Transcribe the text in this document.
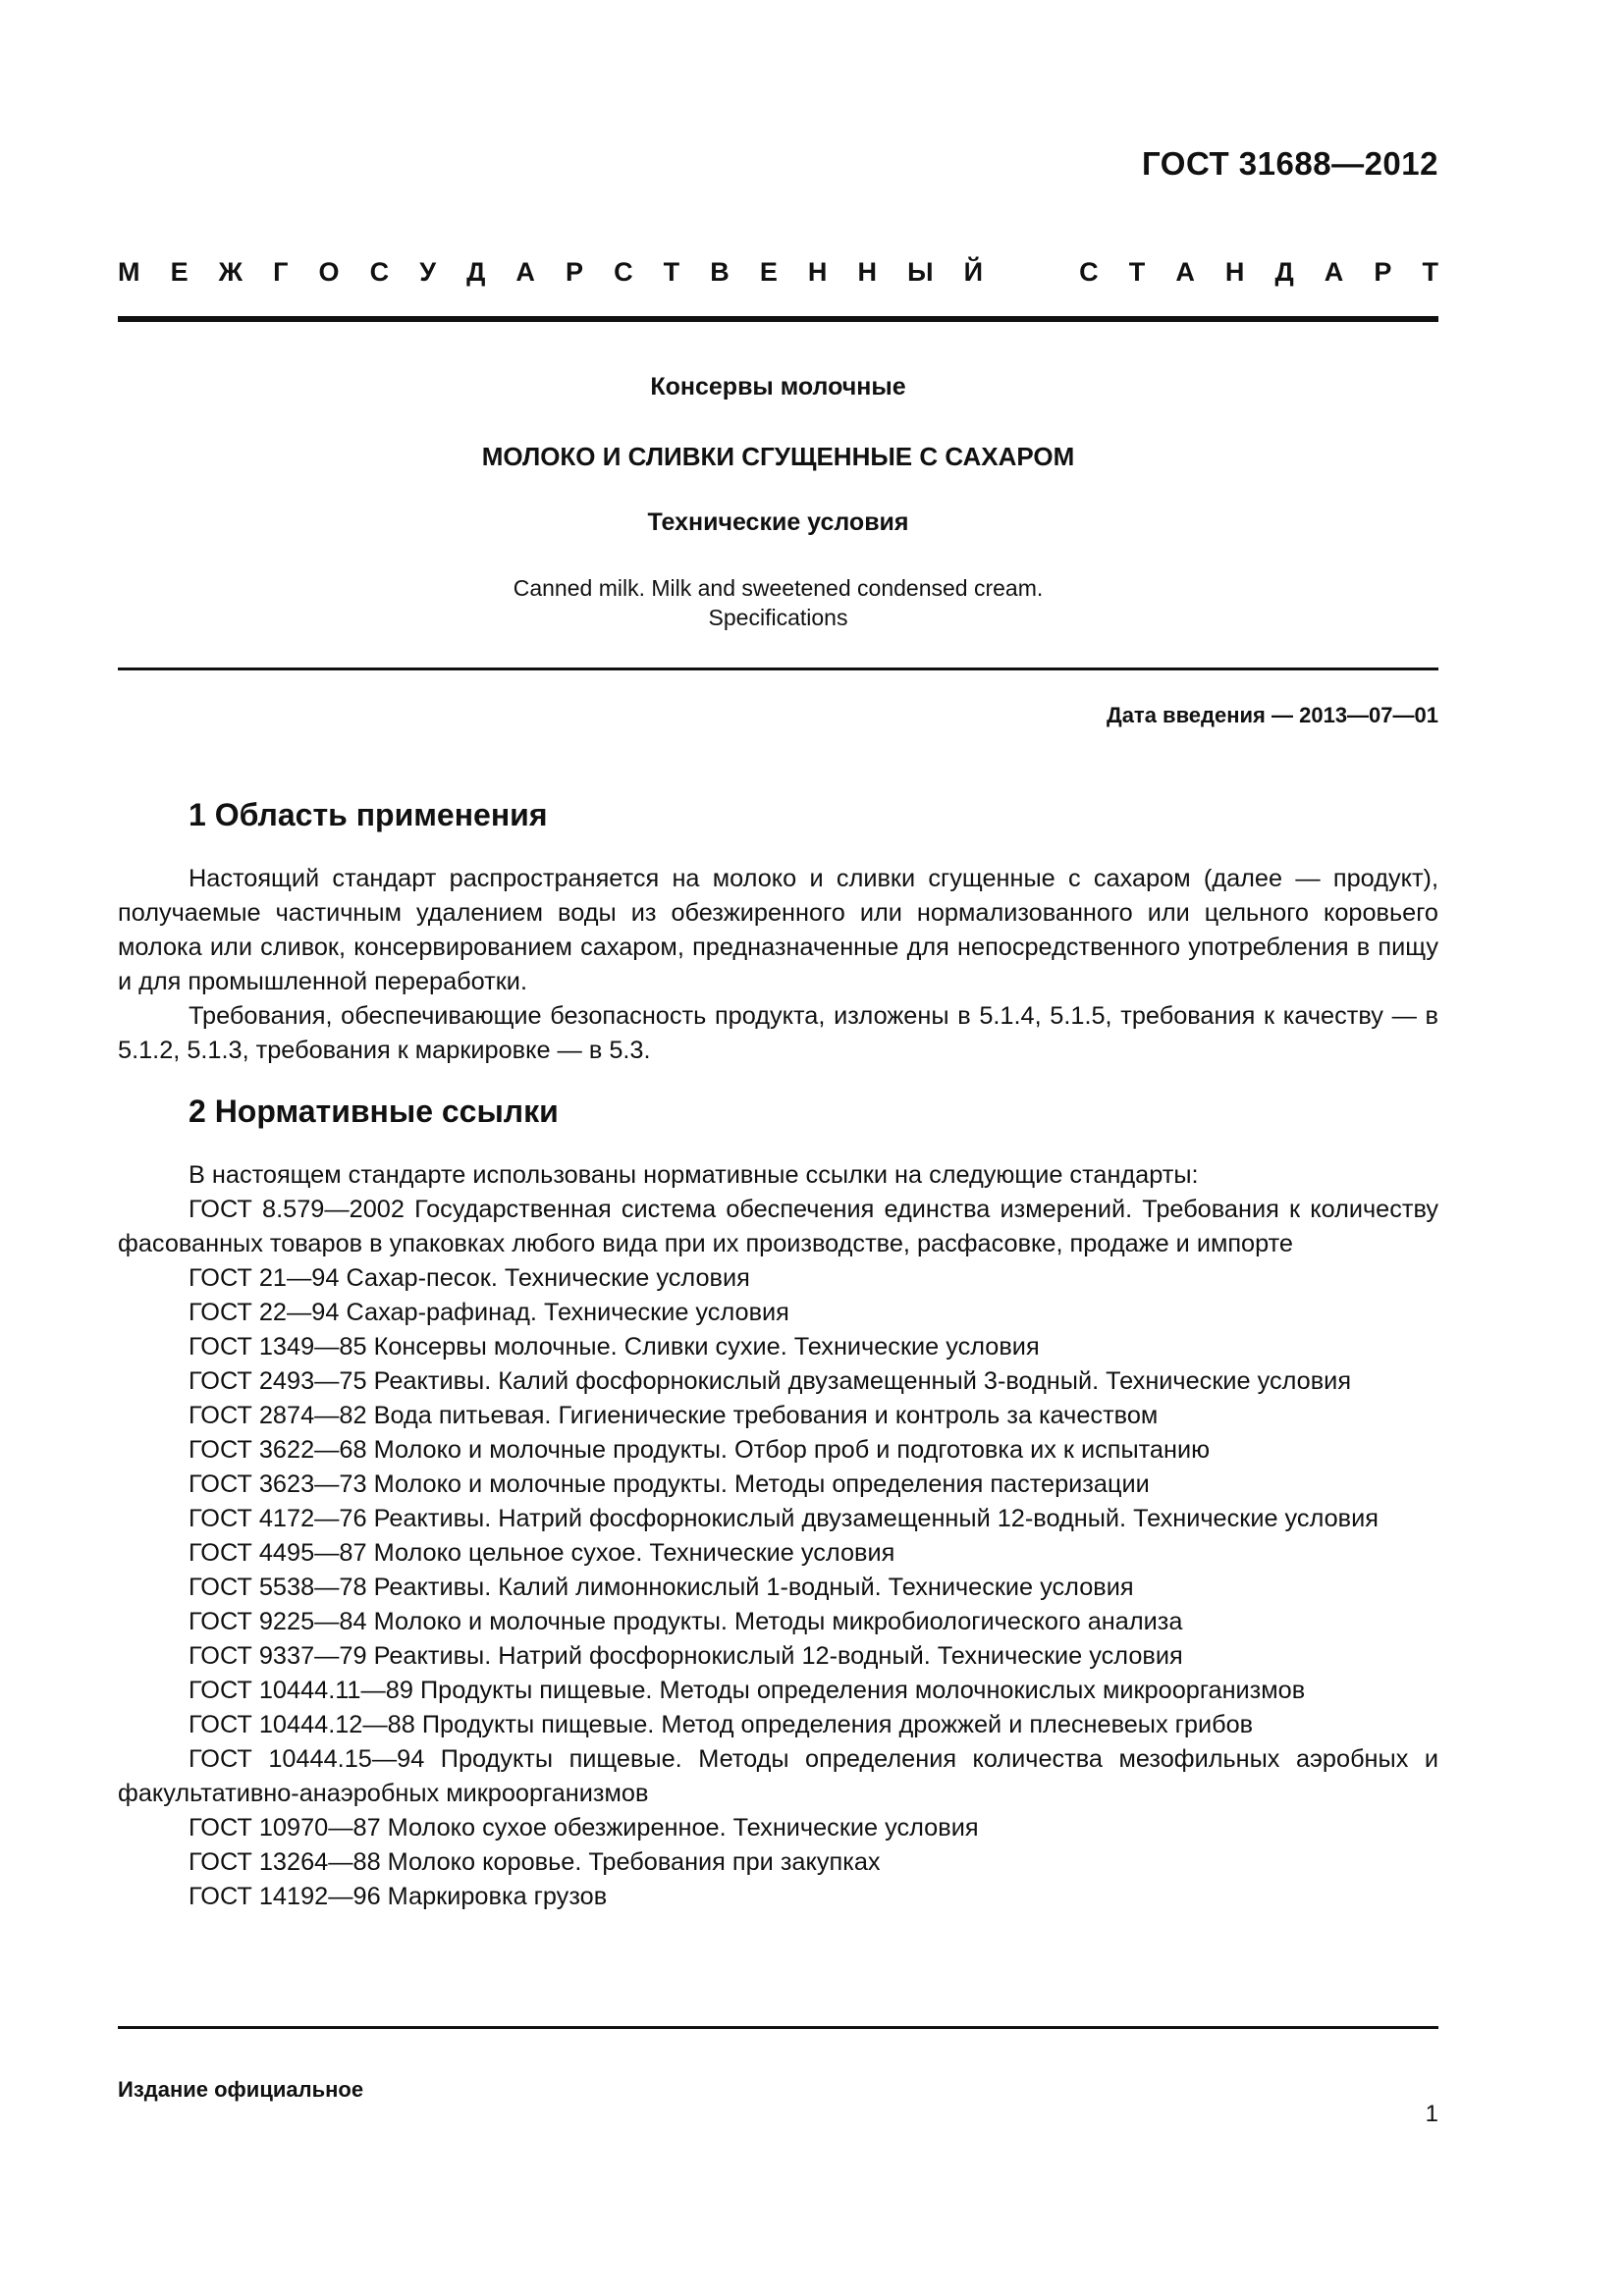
ГОСТ 31688—2012
М Е Ж Г О С У Д А Р С Т В Е Н Н Ы Й	С Т А Н Д А Р Т
Консервы молочные
МОЛОКО И СЛИВКИ СГУЩЕННЫЕ С САХАРОМ
Технические условия
Canned milk. Milk and sweetened condensed cream.
Specifications
Дата введения — 2013—07—01
1 Область применения

Настоящий стандарт распространяется на молоко и сливки сгущенные с сахаром (далее — продукт), получаемые частичным удалением воды из обезжиренного или нормализованного или цельного коровьего молока или сливок, консервированием сахаром, предназначенные для непосредственного употребления в пищу и для промышленной переработки.

Требования, обеспечивающие безопасность продукта, изложены в 5.1.4, 5.1.5, требования к качеству — в 5.1.2, 5.1.3, требования к маркировке — в 5.3.

2 Нормативные ссылки

В настоящем стандарте использованы нормативные ссылки на следующие стандарты:

ГОСТ 8.579—2002 Государственная система обеспечения единства измерений. Требования к количеству фасованных товаров в упаковках любого вида при их производстве, расфасовке, продаже и импорте

ГОСТ 21—94 Сахар-песок. Технические условия

ГОСТ 22—94 Сахар-рафинад. Технические условия

ГОСТ 1349—85 Консервы молочные. Сливки сухие. Технические условия

ГОСТ 2493—75 Реактивы. Калий фосфорнокислый двузамещенный 3-водный. Технические условия

ГОСТ 2874—82 Вода питьевая. Гигиенические требования и контроль за качеством

ГОСТ 3622—68 Молоко и молочные продукты. Отбор проб и подготовка их к испытанию

ГОСТ 3623—73 Молоко и молочные продукты. Методы определения пастеризации

ГОСТ 4172—76 Реактивы. Натрий фосфорнокислый двузамещенный 12-водный. Технические условия

ГОСТ 4495—87 Молоко цельное сухое. Технические условия

ГОСТ 5538—78 Реактивы. Калий лимоннокислый 1-водный. Технические условия

ГОСТ 9225—84 Молоко и молочные продукты. Методы микробиологического анализа

ГОСТ 9337—79 Реактивы. Натрий фосфорнокислый 12-водный. Технические условия

ГОСТ 10444.11—89 Продукты пищевые. Методы определения молочнокислых микроорганизмов

ГОСТ 10444.12—88 Продукты пищевые. Метод определения дрожжей и плесневеых грибов

ГОСТ 10444.15—94 Продукты пищевые. Методы определения количества мезофильных аэробных и факультативно-анаэробных микроорганизмов

ГОСТ 10970—87 Молоко сухое обезжиренное. Технические условия

ГОСТ 13264—88 Молоко коровье. Требования при закупках

ГОСТ 14192—96 Маркировка грузов

Издание официальное
1
